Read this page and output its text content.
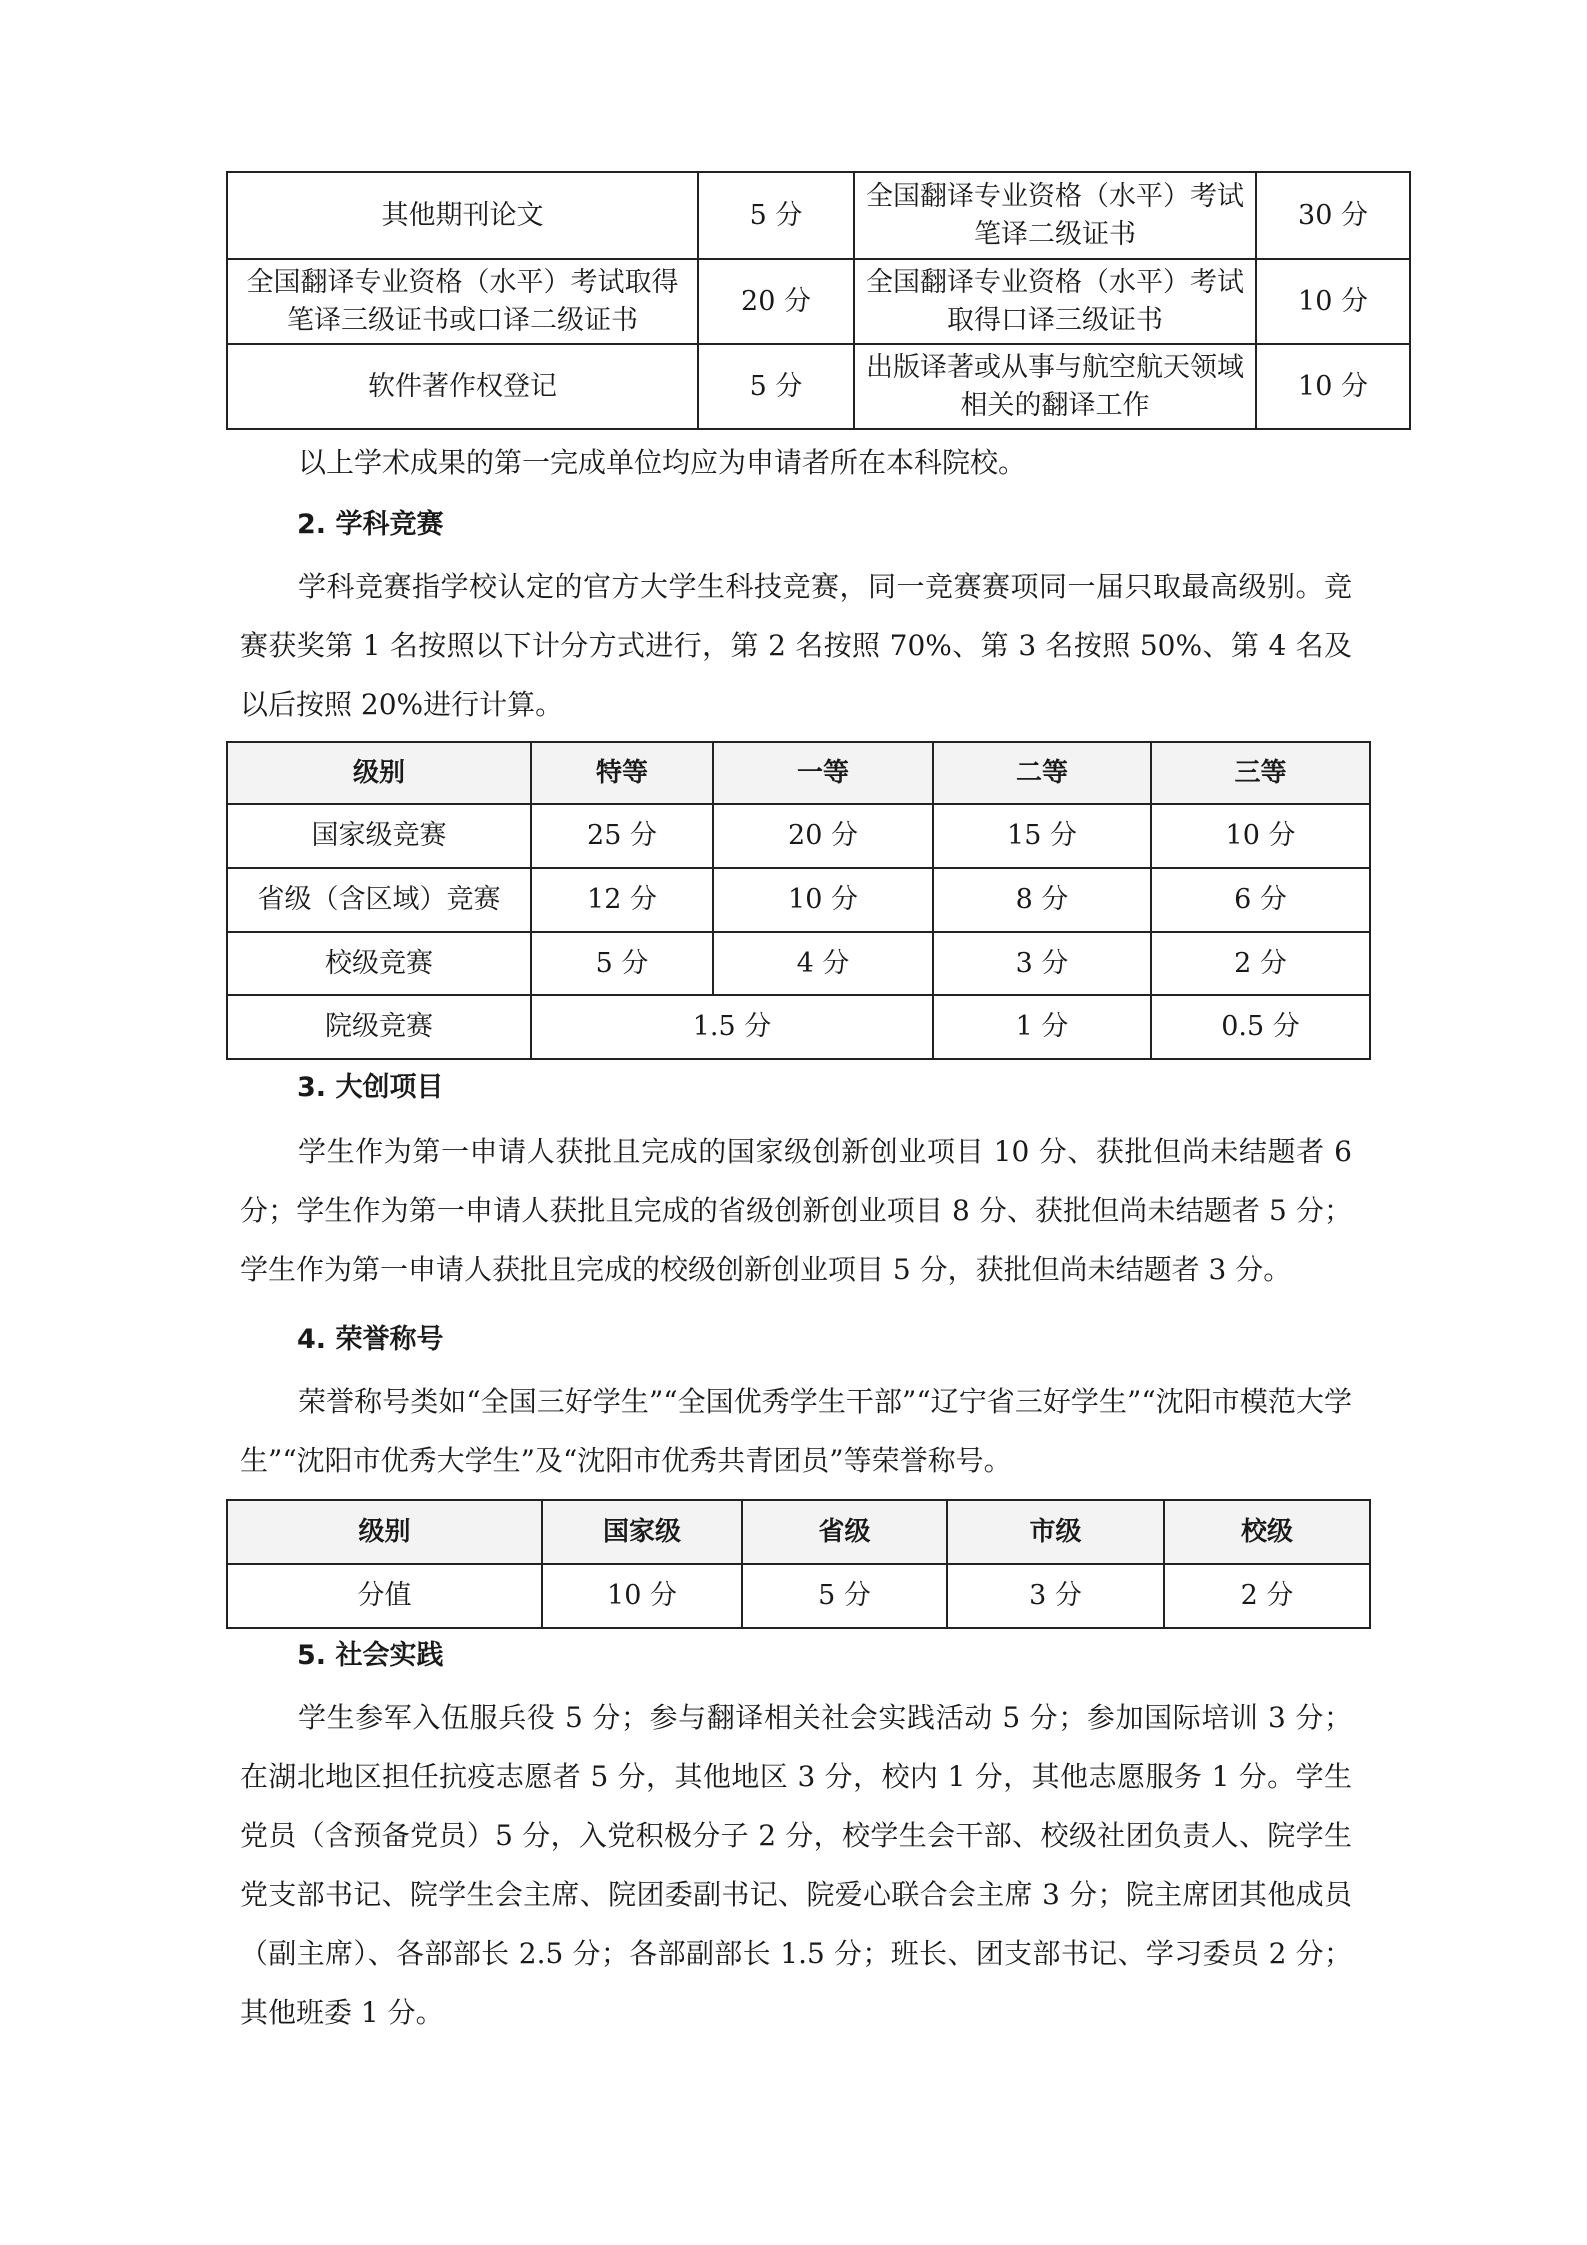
其他期刊论文	5 分	全国翻译专业资格（水平）考试笔译二级证书	30 分
全国翻译专业资格（水平）考试取得笔译三级证书或口译二级证书	20 分	全国翻译专业资格（水平）考试取得口译三级证书	10 分
软件著作权登记	5 分	出版译著或从事与航空航天领域相关的翻译工作	10 分

以上学术成果的第一完成单位均应为申请者所在本科院校。

2. 学科竞赛

学科竞赛指学校认定的官方大学生科技竞赛，同一竞赛赛项同一届只取最高级别。竞赛获奖第 1 名按照以下计分方式进行，第 2 名按照 70%、第 3 名按照 50%、第 4 名及以后按照 20%进行计算。

级别	特等	一等	二等	三等
国家级竞赛	25 分	20 分	15 分	10 分
省级（含区域）竞赛	12 分	10 分	8 分	6 分
校级竞赛	5 分	4 分	3 分	2 分
院级竞赛	1.5 分		1 分	0.5 分
3. 大创项目

学生作为第一申请人获批且完成的国家级创新创业项目 10 分、获批但尚未结题者 6 分；学生作为第一申请人获批且完成的省级创新创业项目 8 分、获批但尚未结题者 5 分；学生作为第一申请人获批且完成的校级创新创业项目 5 分，获批但尚未结题者 3 分。

4. 荣誉称号

荣誉称号类如“全国三好学生”“全国优秀学生干部”“辽宁省三好学生”“沈阳市模范大学生”“沈阳市优秀大学生”及“沈阳市优秀共青团员”等荣誉称号。

级别	国家级	省级	市级	校级
分值	10 分	5 分	3 分	2 分
5. 社会实践

学生参军入伍服兵役 5 分；参与翻译相关社会实践活动 5 分；参加国际培训 3 分；在湖北地区担任抗疫志愿者 5 分，其他地区 3 分，校内 1 分，其他志愿服务 1 分。学生党员（含预备党员）5 分，入党积极分子 2 分，校学生会干部、校级社团负责人、院学生党支部书记、院学生会主席、院团委副书记、院爱心联合会主席 3 分；院主席团其他成员（副主席）、各部部长 2.5 分；各部副部长 1.5 分；班长、团支部书记、学习委员 2 分；其他班委 1 分。
